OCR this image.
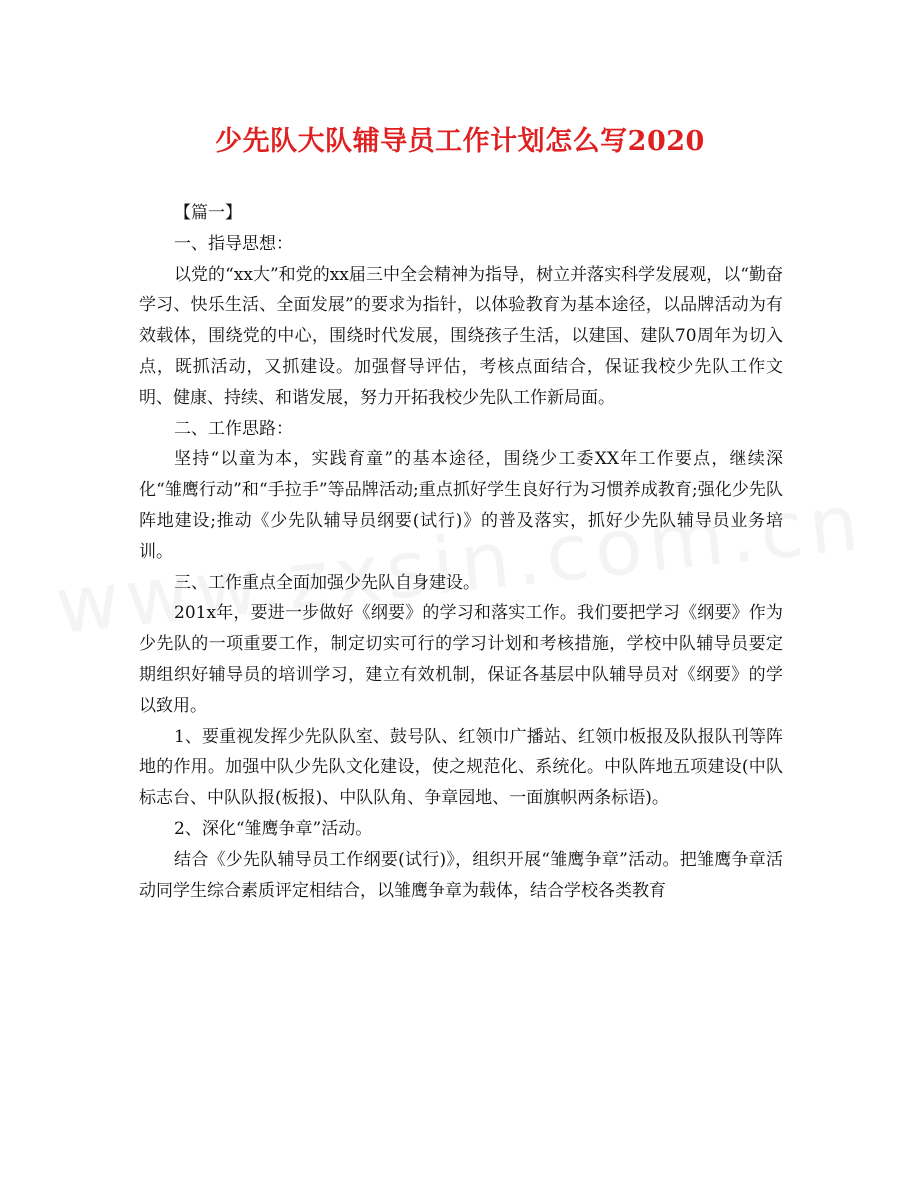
少先队大队辅导员工作计划怎么写2020

【篇一】

一、指导思想：

以党的“xx大”和党的xx届三中全会精神为指导，树立并落实科学发展观，以“勤奋学习、快乐生活、全面发展”的要求为指针，以体验教育为基本途径，以品牌活动为有效载体，围绕党的中心，围绕时代发展，围绕孩子生活，以建国、建队70周年为切入点，既抓活动，又抓建设。加强督导评估，考核点面结合，保证我校少先队工作文明、健康、持续、和谐发展，努力开拓我校少先队工作新局面。

二、工作思路：

坚持“以童为本，实践育童”的基本途径，围绕少工委XX年工作要点，继续深化“雏鹰行动”和“手拉手”等品牌活动;重点抓好学生良好行为习惯养成教育;强化少先队阵地建设;推动《少先队辅导员纲要(试行)》的普及落实，抓好少先队辅导员业务培训。

三、工作重点全面加强少先队自身建设。

201x年，要进一步做好《纲要》的学习和落实工作。我们要把学习《纲要》作为少先队的一项重要工作，制定切实可行的学习计划和考核措施，学校中队辅导员要定期组织好辅导员的培训学习，建立有效机制，保证各基层中队辅导员对《纲要》的学以致用。

1、要重视发挥少先队队室、鼓号队、红领巾广播站、红领巾板报及队报队刊等阵地的作用。加强中队少先队文化建设，使之规范化、系统化。中队阵地五项建设(中队标志台、中队队报(板报)、中队队角、争章园地、一面旗帜两条标语)。

2、深化“雏鹰争章”活动。

结合《少先队辅导员工作纲要(试行)》，组织开展“雏鹰争章”活动。把雏鹰争章活动同学生综合素质评定相结合，以雏鹰争章为载体，结合学校各类教育
